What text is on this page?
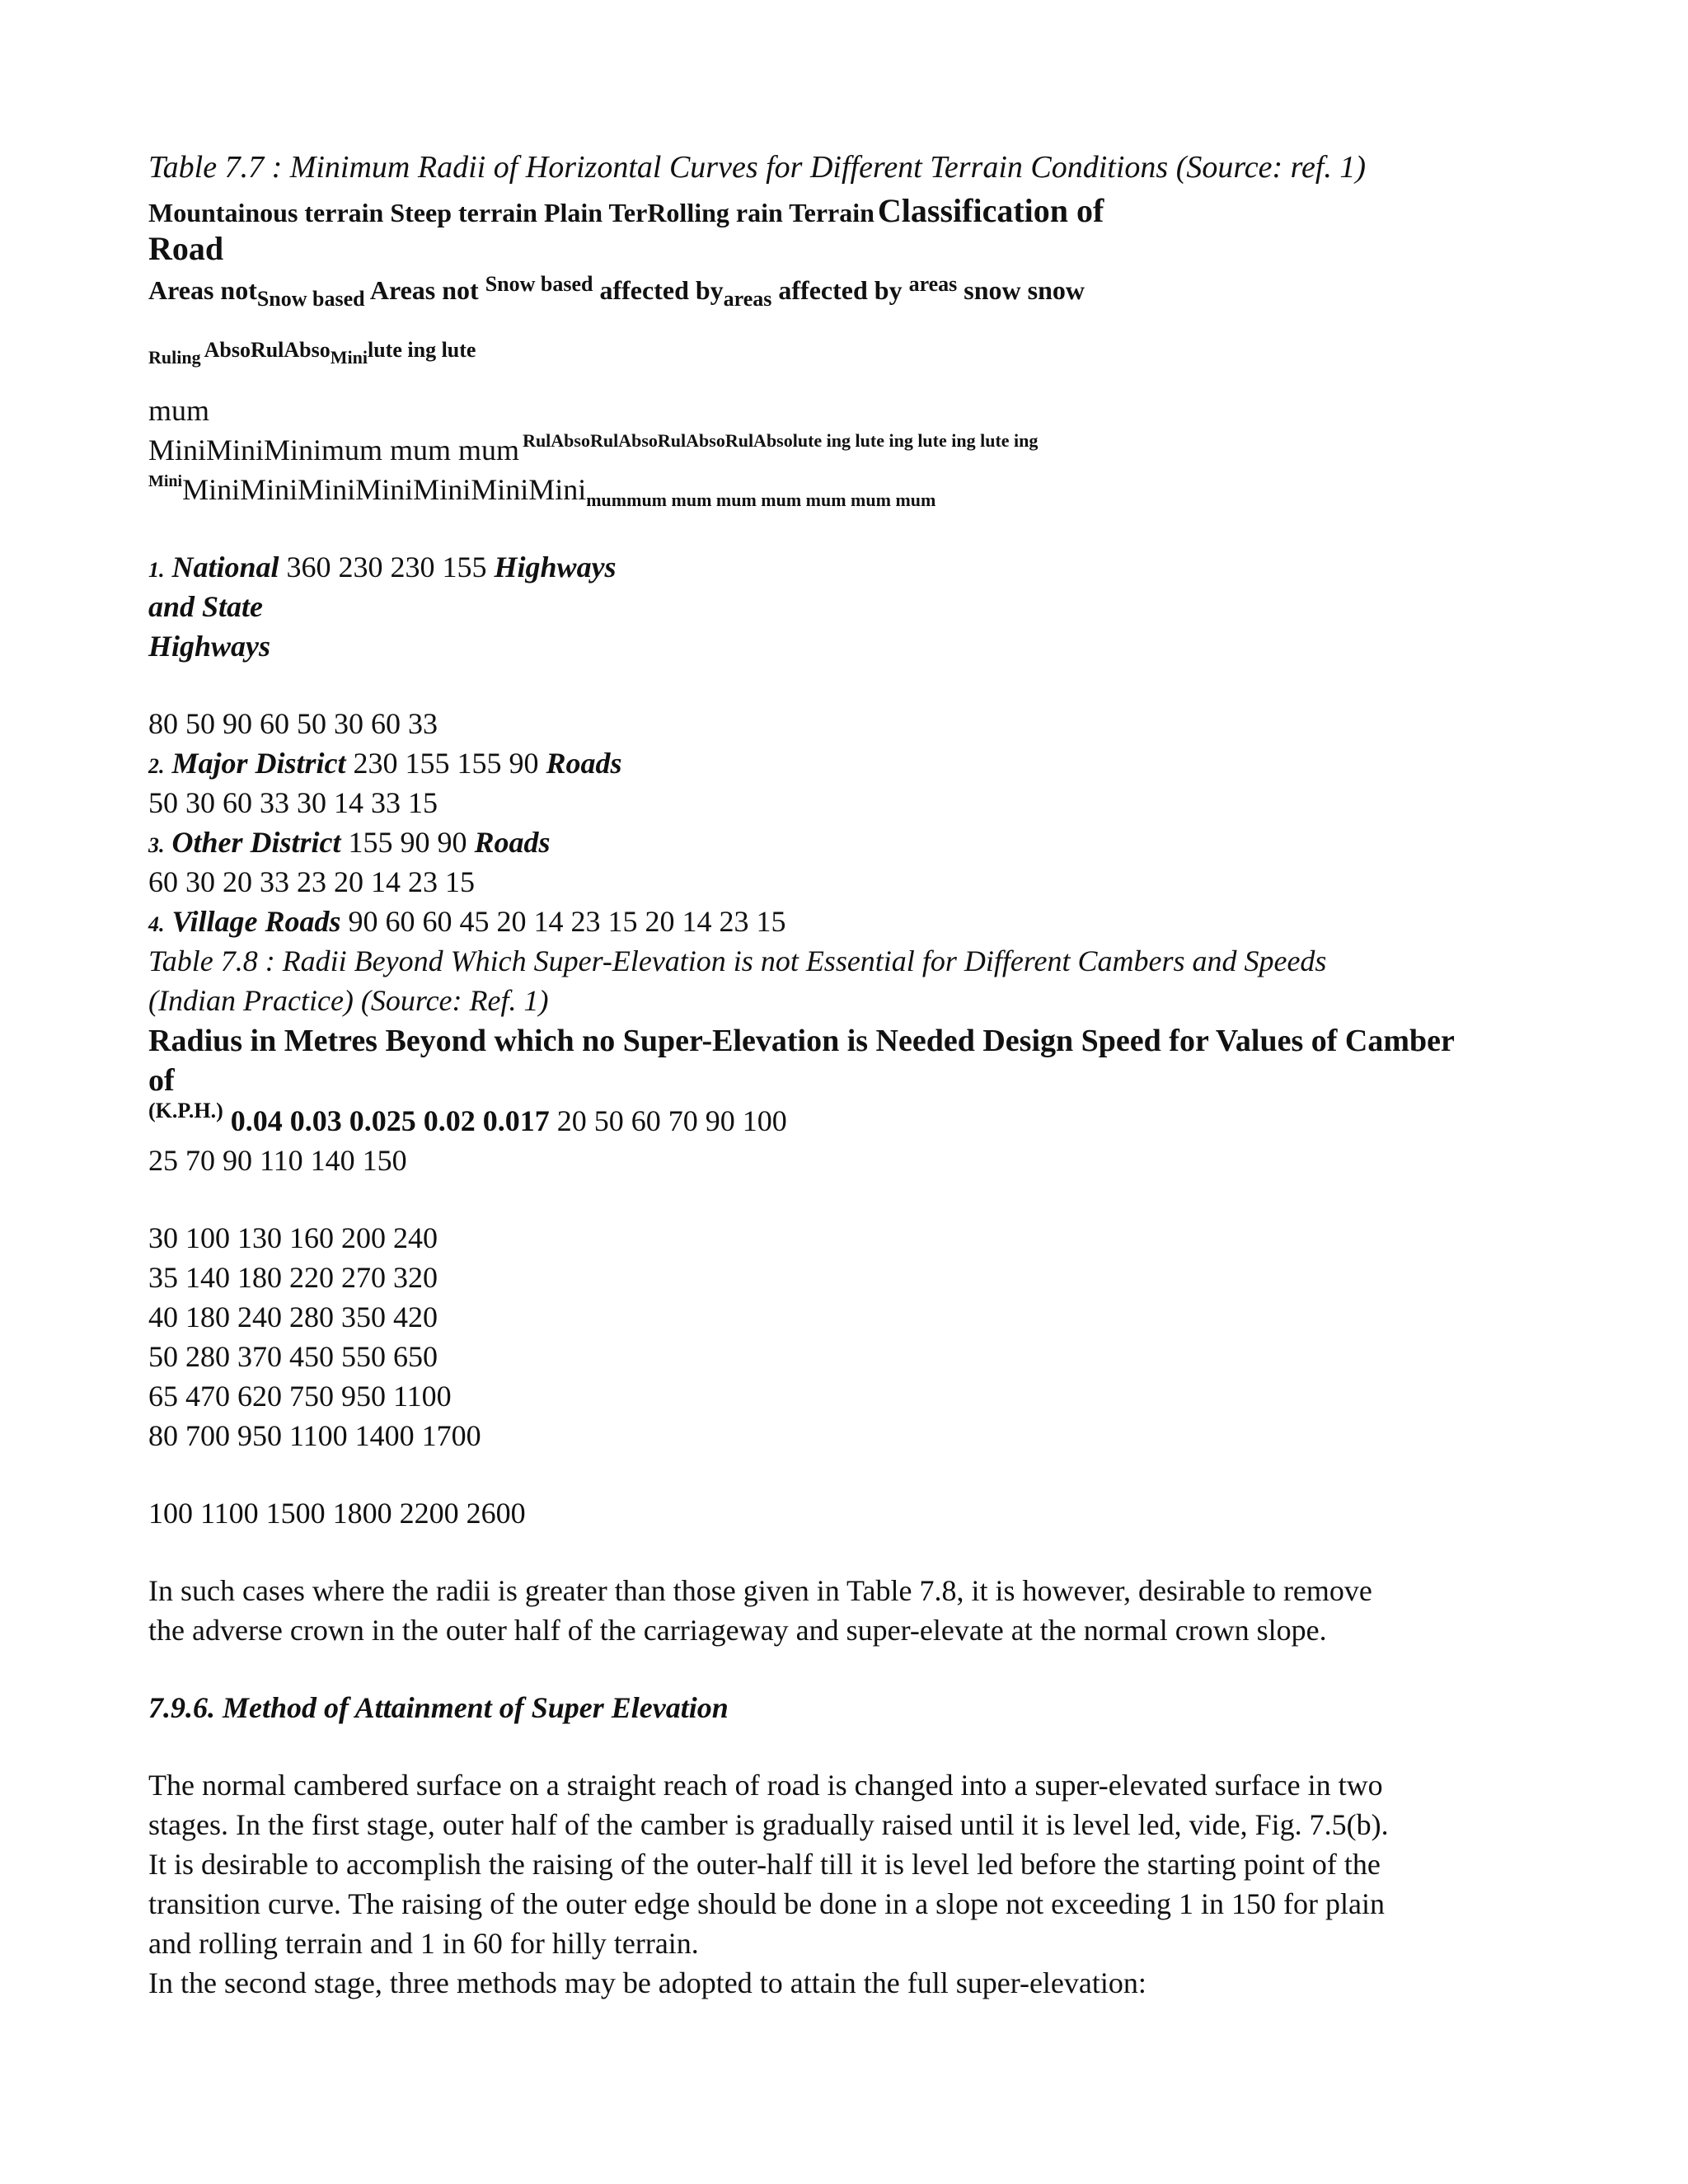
Table 7.7 : Minimum Radii of Horizontal Curves for Different Terrain Conditions (Source: ref. 1)
Mountainous terrain Steep terrain Plain TerRolling rain Terrain Classification of
Road
Areas not$_{Snow based}$ Areas not $^{Snow based}$ affected $by_{areas}$ affected by $^{areas}$ snow snow
Ruling AbsoRulAbsoMinilute ing lute
mum
MiniMiniMinimum mum mum RulAbsoRulAbsoRulAbsoRulAbsolute ing lute ing lute ing lute ing
MiniMiniMiniMiniMiniMiniMiniMinimummum mum mum mum mum mum mum
1. National 360 230 230 155 Highways
and State
Highways
80 50 90 60 50 30 60 33
2. Major District 230 155 155 90 Roads
50 30 60 33 30 14 33 15
3. Other District 155 90 90 Roads
60 30 20 33 23 20 14 23 15
4. Village Roads 90 60 60 45 20 14 23 15 20 14 23 15
Table 7.8 : Radii Beyond Which Super-Elevation is not Essential for Different Cambers and Speeds
(Indian Practice) (Source: Ref. 1)
Radius in Metres Beyond which no Super-Elevation is Needed Design Speed for Values of Camber
of
$^{(K.P.H.)}$ 0.04 0.03 0.025 0.02 0.017 20 50 60 70 90 100
25 70 90 110 140 150
30 100 130 160 200 240
35 140 180 220 270 320
40 180 240 280 350 420
50 280 370 450 550 650
65 470 620 750 950 1100
80 700 950 1100 1400 1700
100 1100 1500 1800 2200 2600
In such cases where the radii is greater than those given in Table 7.8, it is however, desirable to remove
the adverse crown in the outer half of the carriageway and super-elevate at the normal crown slope.
7.9.6. Method of Attainment of Super Elevation
The normal cambered surface on a straight reach of road is changed into a super-elevated surface in two
stages. In the first stage, outer half of the camber is gradually raised until it is level led, vide, Fig. 7.5(b).
It is desirable to accomplish the raising of the outer-half till it is level led before the starting point of the
transition curve. The raising of the outer edge should be done in a slope not exceeding 1 in 150 for plain
and rolling terrain and 1 in 60 for hilly terrain.
In the second stage, three methods may be adopted to attain the full super-elevation:
